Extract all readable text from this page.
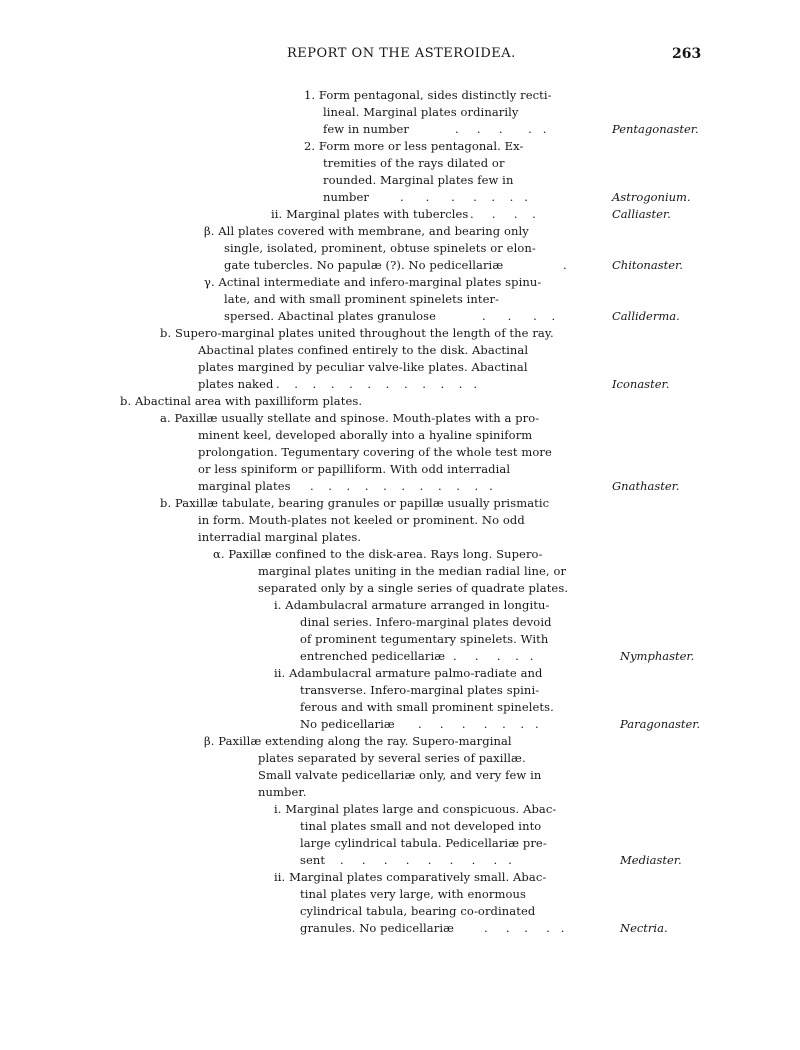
REPORT ON THE ASTEROIDEA.	263
1. Form pentagonal, sides distinctly recti-
lineal. Marginal plates ordinarily
few in number	.     .     .       .   .	Pentagonaster.
2. Form more or less pentagonal. Ex-
tremities of the rays dilated or
rounded. Marginal plates few in
number	.      .      .     .    .    .   .	Astrogonium.
ii. Marginal plates with tubercles .     .     .    .	Calliaster.
β. All plates covered with membrane, and bearing only
single, isolated, prominent, obtuse spinelets or elon-
gate tubercles. No papulæ (?). No pedicellariæ	.	Chitonaster.
γ. Actinal intermediate and infero-marginal plates spinu-
late, and with small prominent spinelets inter-
spersed. Abactinal plates granulose	.      .      .    .	Calliderma.
b. Supero-marginal plates united throughout the length of the ray.
Abactinal plates confined entirely to the disk. Abactinal
plates margined by peculiar valve-like plates. Abactinal
plates naked .    .    .    .    .    .    .    .    .    .    .   .	Iconaster.
b. Abactinal area with paxilliform plates.
a. Paxillæ usually stellate and spinose. Mouth-plates with a pro-
minent keel, developed aborally into a hyaline spiniform
prolongation. Tegumentary covering of the whole test more
or less spiniform or papilliform. With odd interradial
marginal plates .    .    .    .    .    .    .    .    .    .   .	Gnathaster.
b. Paxillæ tabulate, bearing granules or papillæ usually prismatic
in form. Mouth-plates not keeled or prominent. No odd
interradial marginal plates.
α. Paxillæ confined to the disk-area. Rays long. Supero-
marginal plates uniting in the median radial line, or
separated only by a single series of quadrate plates.
i. Adambulacral armature arranged in longitu-
dinal series. Infero-marginal plates devoid
of prominent tegumentary spinelets. With
entrenched pedicellariæ .     .     .    .   .	Nymphaster.
ii. Adambulacral armature palmo-radiate and
transverse. Infero-marginal plates spini-
ferous and with small prominent spinelets.
No pedicellariæ .     .     .     .    .    .   .	Paragonaster.
β. Paxillæ extending along the ray. Supero-marginal
plates separated by several series of paxillæ.
Small valvate pedicellariæ only, and very few in
number.
i. Marginal plates large and conspicuous. Abac-
tinal plates small and not developed into
large cylindrical tabula. Pedicellariæ pre-
sent .     .     .     .     .     .     .     .   .	Mediaster.
ii. Marginal plates comparatively small. Abac-
tinal plates very large, with enormous
cylindrical tabula, bearing co-ordinated
granules. No pedicellariæ	.     .    .     .   .	Nectria.
